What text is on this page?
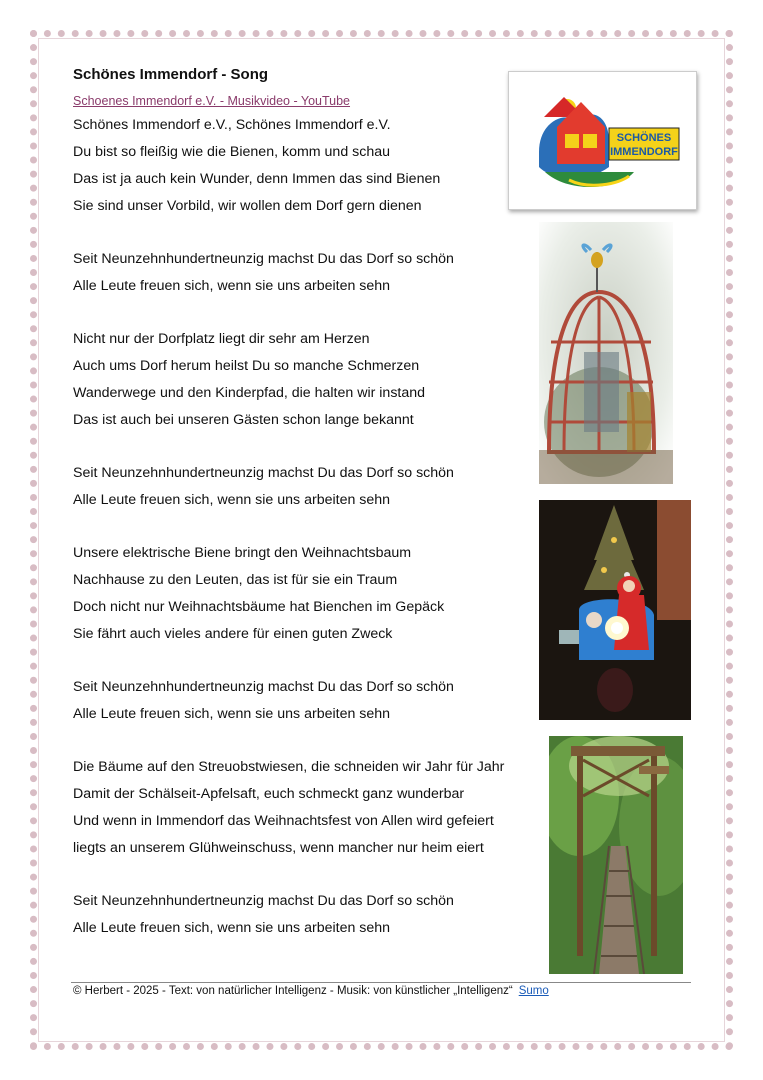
Schönes Immendorf - Song
Schoenes Immendorf e.V. - Musikvideo - YouTube
Schönes Immendorf e.V., Schönes Immendorf e.V.
Du bist so fleißig wie die Bienen, komm und schau
Das ist ja auch kein Wunder, denn Immen das sind Bienen
Sie sind unser Vorbild, wir wollen dem Dorf gern dienen
Seit Neunzehnhundertneunzig machst Du das Dorf so schön
Alle Leute freuen sich, wenn sie uns arbeiten sehn
Nicht nur der Dorfplatz liegt dir sehr am Herzen
Auch ums Dorf herum heilst Du so manche Schmerzen
Wanderwege und den Kinderpfad, die halten wir instand
Das ist auch bei unseren Gästen schon lange bekannt
Seit Neunzehnhundertneunzig machst Du das Dorf so schön
Alle Leute freuen sich, wenn sie uns arbeiten sehn
Unsere elektrische Biene bringt den Weihnachtsbaum
Nachhause zu den Leuten, das ist für sie ein Traum
Doch nicht nur Weihnachtsbäume hat Bienchen im Gepäck
Sie fährt auch vieles andere für einen guten Zweck
Seit Neunzehnhundertneunzig machst Du das Dorf so schön
Alle Leute freuen sich, wenn sie uns arbeiten sehn
Die Bäume auf den Streuobstwiesen, die schneiden wir Jahr für Jahr
Damit der Schälseit-Apfelsaft, euch schmeckt ganz wunderbar
Und wenn in Immendorf das Weihnachtsfest von Allen wird gefeiert
liegts an unserem Glühweinschuss, wenn mancher nur heim eiert
Seit Neunzehnhundertneunzig machst Du das Dorf so schön
Alle Leute freuen sich, wenn sie uns arbeiten sehn
SCHÖNES
IMMENDORF
© Herbert - 2025 - Text: von natürlicher Intelligenz - Musik: von künstlicher „Intelligenz“ Sumo
